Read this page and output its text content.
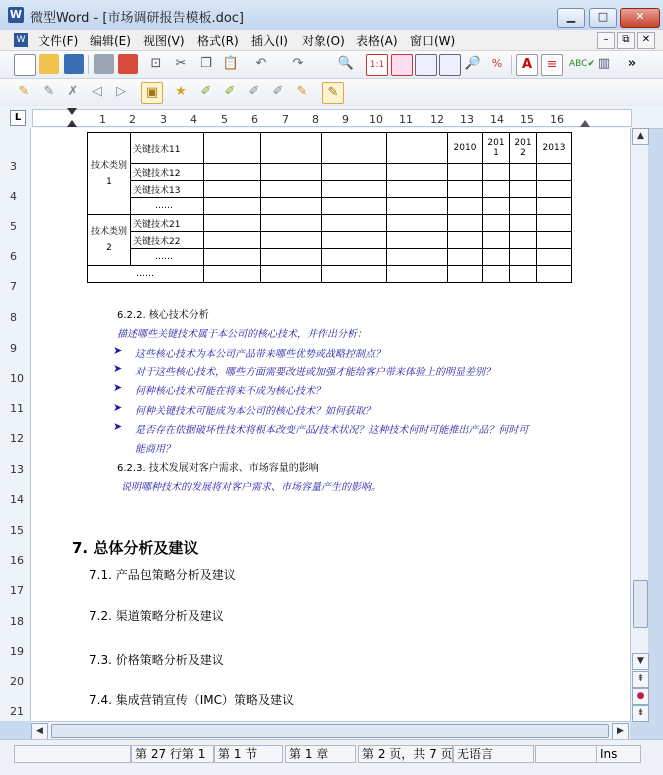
W 微型Word - [市场调研报告模板.doc]	▁	□	✕
W 文件(F) 编辑(E) 视图(V) 格式(R) 插入(I) 对象(O) 表格(A) 窗口(W)	–	⧉	✕
⊡	✂	❐ 📋	↶	↷	🔍	1:1	🔎 %	A	≡	ABC✔ ▥	»
✎	✎	✗	◁	▷	▣	★	✐	✐	✐	✐	✎	✎
L	1 2 3 4 5 6 7 8 9 10 11 12 13 14 15 16
3
4
5
6
7
8
9
10
11
12
13
14
15
16
17
18
19
20
21
技术类别1	关键技术11					2010	2011	2012	2013
	关键技术12								
	关键技术13								
	……								
技术类别2	关键技术21								
	关键技术22								
	……								
……									
6.2.2. 核心技术分析
描述哪些关键技术属于本公司的核心技术，并作出分析：
➤ 这些核心技术为本公司产品带来哪些优势或战略控制点？
➤ 对于这些核心技术，哪些方面需要改进或加强才能给客户带来体验上的明显差别？
➤ 何种核心技术可能在将来不成为核心技术？
➤ 何种关键技术可能成为本公司的核心技术？如何获取？
➤ 是否存在依据破坏性技术将根本改变产品/技术状况？这种技术何时可能推出产品？何时可
能商用？
6.2.3. 技术发展对客户需求、市场容量的影响
说明哪种技术的发展将对客户需求、市场容量产生的影响。
7. 总体分析及建议
7.1. 产品包策略分析及建议
7.2. 渠道策略分析及建议
7.3. 价格策略分析及建议
7.4. 集成营销宣传（IMC）策略及建议
▲
▼
⇞
●
⇟
◀	▶
第 27 行第 1	第 1 节	第 1 章	第 2 页，共 7 页 无语言	Ins
